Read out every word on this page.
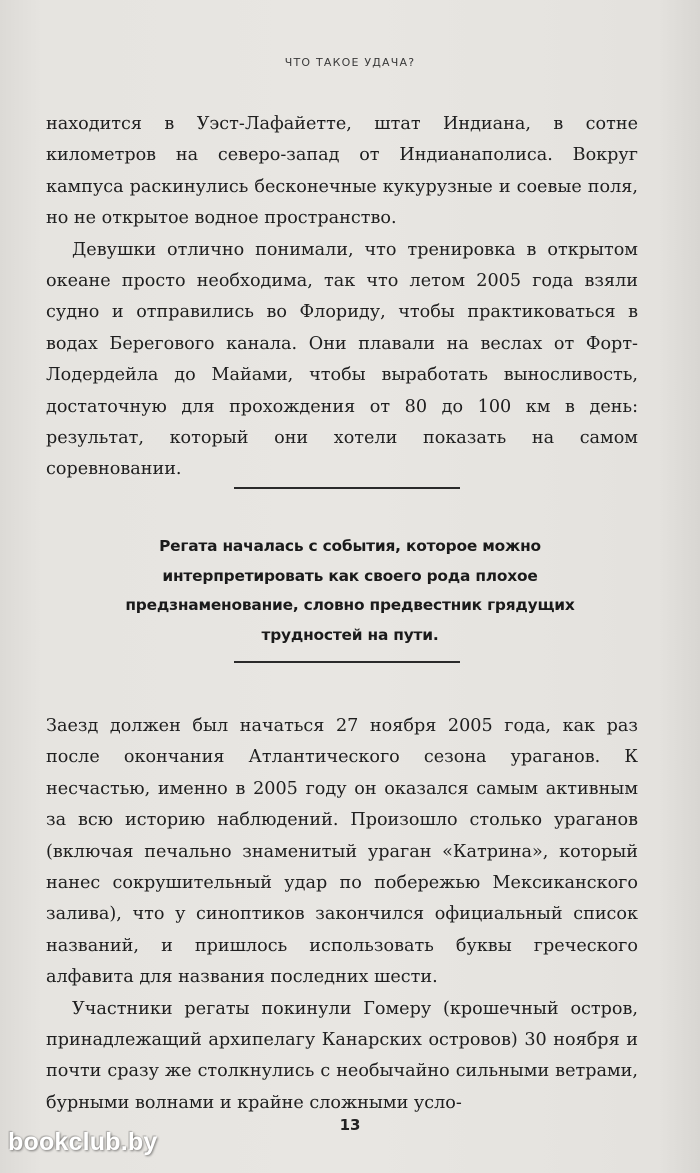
ЧТО ТАКОЕ УДАЧА?

находится в Уэст-Лафайетте, штат Индиана, в сотне километров на северо-запад от Индианаполиса. Вокруг кампуса раскинулись бесконечные кукурузные и соевые поля, но не открытое водное пространство.

Девушки отлично понимали, что тренировка в открытом океане просто необходима, так что летом 2005 года взяли судно и отправились во Флориду, чтобы практиковаться в водах Берегового канала. Они плавали на веслах от Форт-Лодердейла до Майами, чтобы выработать выносливость, достаточную для прохождения от 80 до 100 км в день: результат, который они хотели показать на самом соревновании.

Регата началась с события, которое можно интерпретировать как своего рода плохое предзнаменование, словно предвестник грядущих трудностей на пути.

Заезд должен был начаться 27 ноября 2005 года, как раз после окончания Атлантического сезона ураганов. К несчастью, именно в 2005 году он оказался самым активным за всю историю наблюдений. Произошло столько ураганов (включая печально знаменитый ураган «Катрина», который нанес сокрушительный удар по побережью Мексиканского залива), что у синоптиков закончился официальный список названий, и пришлось использовать буквы греческого алфавита для названия последних шести.

Участники регаты покинули Гомеру (крошечный остров, принадлежащий архипелагу Канарских островов) 30 ноября и почти сразу же столкнулись с необычайно сильными ветрами, бурными волнами и крайне сложными усло-

13
bookclub.by
